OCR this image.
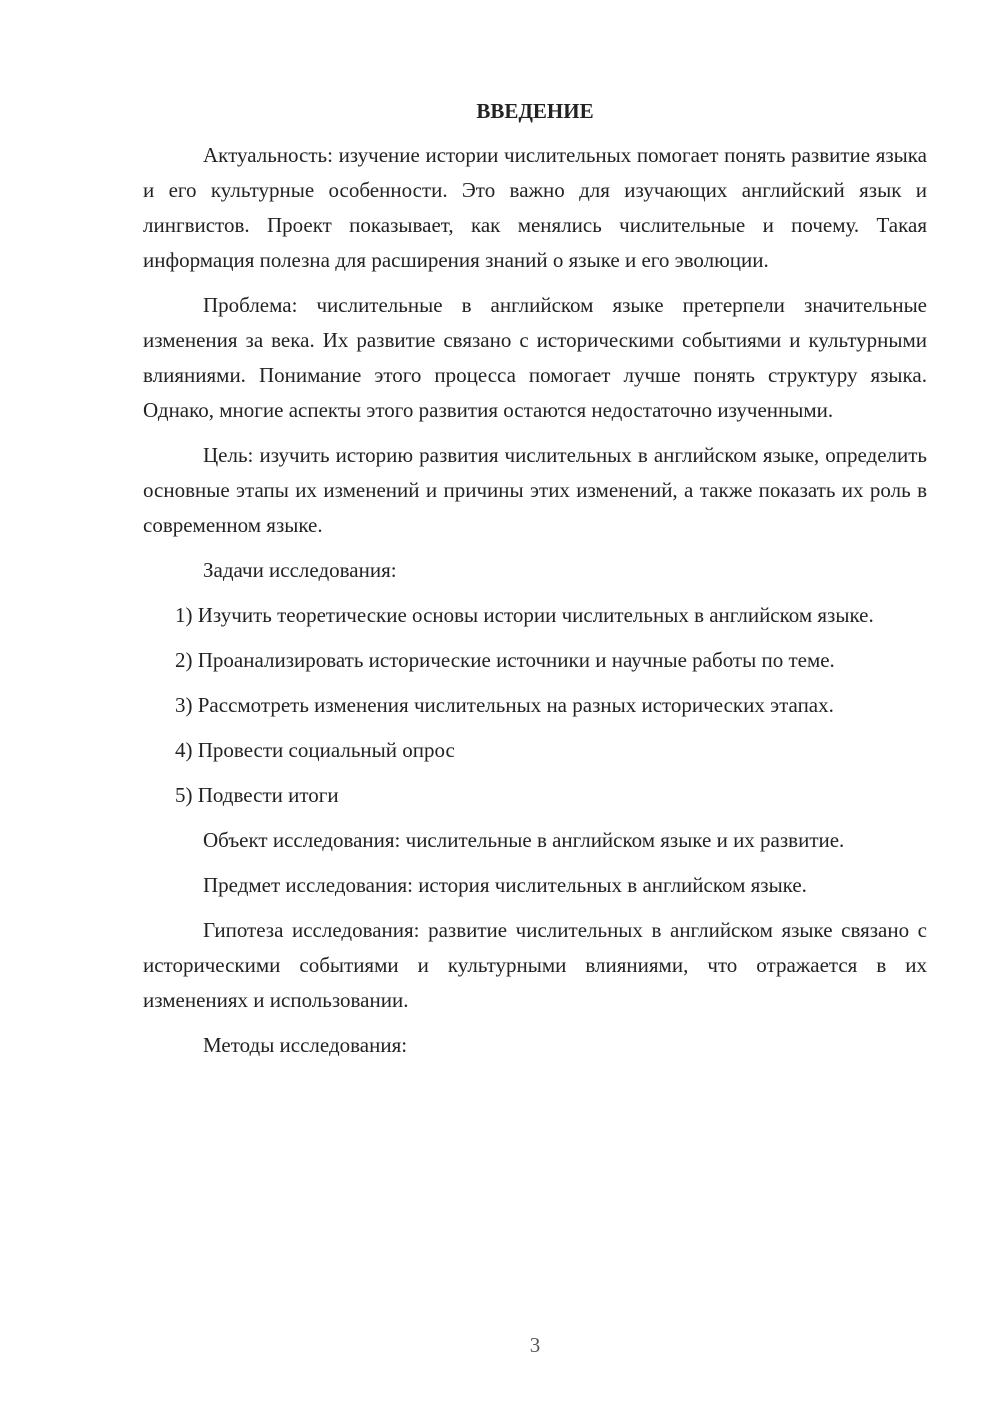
ВВЕДЕНИЕ

Актуальность: изучение истории числительных помогает понять развитие языка и его культурные особенности. Это важно для изучающих английский язык и лингвистов. Проект показывает, как менялись числительные и почему. Такая информация полезна для расширения знаний о языке и его эволюции.

Проблема: числительные в английском языке претерпели значительные изменения за века. Их развитие связано с историческими событиями и культурными влияниями. Понимание этого процесса помогает лучше понять структуру языка. Однако, многие аспекты этого развития остаются недостаточно изученными.

Цель: изучить историю развития числительных в английском языке, определить основные этапы их изменений и причины этих изменений, а также показать их роль в современном языке.

Задачи исследования:

1) Изучить теоретические основы истории числительных в английском языке.

2) Проанализировать исторические источники и научные работы по теме.

3) Рассмотреть изменения числительных на разных исторических этапах.

4) Провести социальный опрос

5) Подвести итоги

Объект исследования: числительные в английском языке и их развитие.

Предмет исследования: история числительных в английском языке.

Гипотеза исследования: развитие числительных в английском языке связано с историческими событиями и культурными влияниями, что отражается в их изменениях и использовании.

Методы исследования:

3
